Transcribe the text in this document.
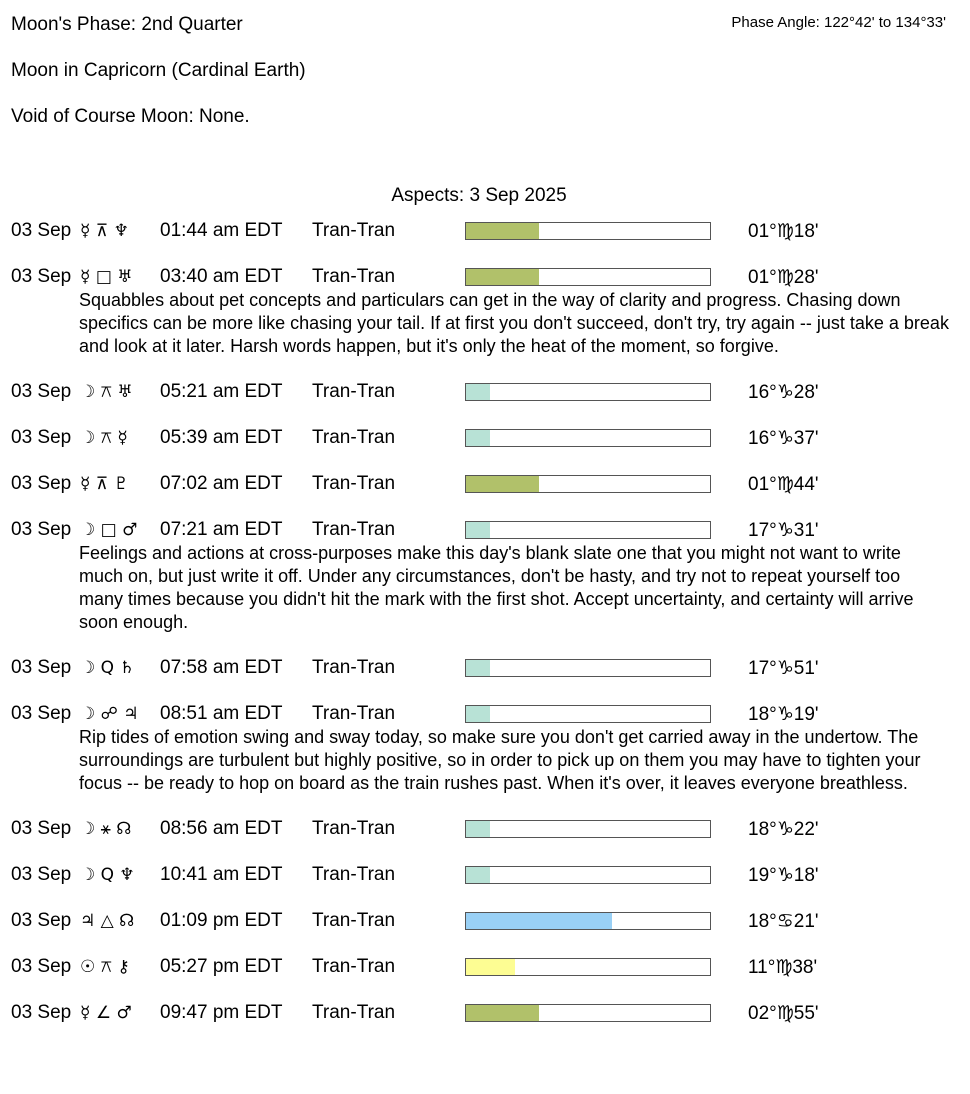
Moon's Phase: 2nd Quarter	Phase Angle: 122°42' to 134°33'
Moon in Capricorn (Cardinal Earth)
Void of Course Moon: None.
Aspects: 3 Sep 2025
03 Sep ☿ ⊼ ♆ 01:44 am EDT Tran-Tran	01°♍18'
03 Sep ☿ □ ♅ 03:40 am EDT Tran-Tran	01°♍28'
Squabbles about pet concepts and particulars can get in the way of clarity and progress. Chasing down specifics can be more like chasing your tail. If at first you don't succeed, don't try, try again -- just take a break and look at it later. Harsh words happen, but it's only the heat of the moment, so forgive.
03 Sep ☽ ⚻ ♅ 05:21 am EDT Tran-Tran	16°♑28'
03 Sep ☽ ⚻ ☿ 05:39 am EDT Tran-Tran	16°♑37'
03 Sep ☿ ⊼ ♇ 07:02 am EDT Tran-Tran	01°♍44'
03 Sep ☽ □ ♂ 07:21 am EDT Tran-Tran	17°♑31'
Feelings and actions at cross-purposes make this day's blank slate one that you might not want to write much on, but just write it off. Under any circumstances, don't be hasty, and try not to repeat yourself too many times because you didn't hit the mark with the first shot. Accept uncertainty, and certainty will arrive soon enough.
03 Sep ☽ Q ♄ 07:58 am EDT Tran-Tran	17°♑51'
03 Sep ☽ ☍ ♃ 08:51 am EDT Tran-Tran	18°♑19'
Rip tides of emotion swing and sway today, so make sure you don't get carried away in the undertow. The surroundings are turbulent but highly positive, so in order to pick up on them you may have to tighten your focus -- be ready to hop on board as the train rushes past. When it's over, it leaves everyone breathless.
03 Sep ☽ ⚹ ☊ 08:56 am EDT Tran-Tran	18°♑22'
03 Sep ☽ Q ♆ 10:41 am EDT Tran-Tran	19°♑18'
03 Sep ♃ △ ☊ 01:09 pm EDT Tran-Tran	18°♋21'
03 Sep ☉ ⚻ ⚷ 05:27 pm EDT Tran-Tran	11°♍38'
03 Sep ☿ ∠ ♂ 09:47 pm EDT Tran-Tran	02°♍55'
